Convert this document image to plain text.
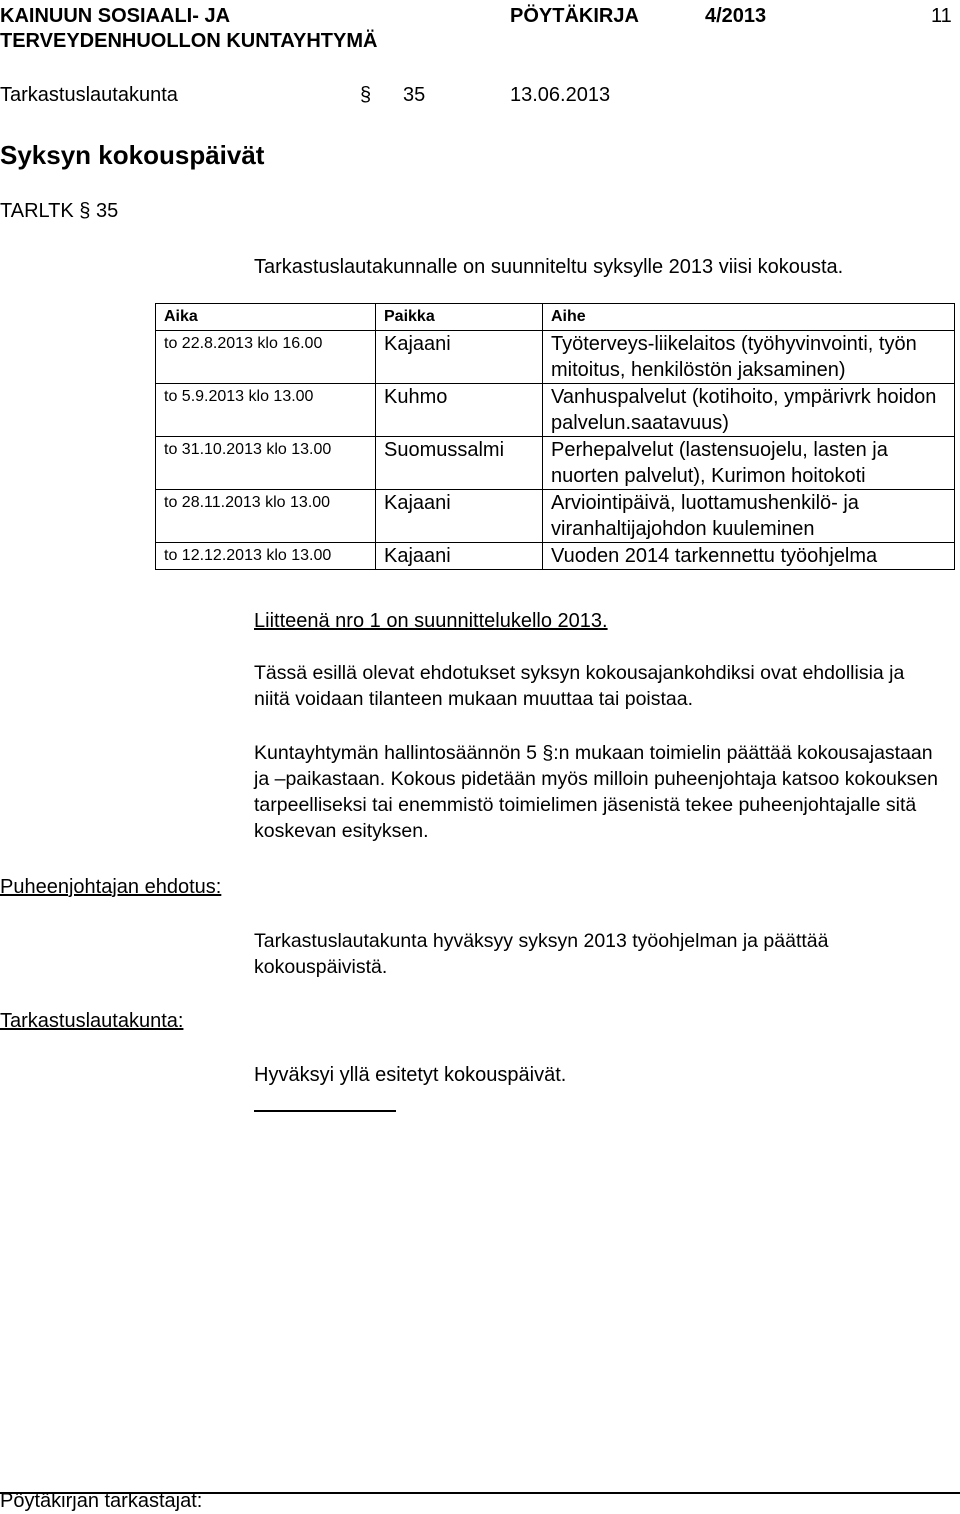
KAINUUN SOSIAALI- JA
TERVEYDENHUOLLON KUNTAYHTYMÄ
PÖYTÄKIRJA	4/2013	11
Tarkastuslautakunta	§ 35	13.06.2013
Syksyn kokouspäivät
TARLTK § 35
Tarkastuslautakunnalle on suunniteltu syksylle 2013 viisi kokousta.
Aika	Paikka	Aihe
to 22.8.2013 klo 16.00	Kajaani	Työterveys-liikelaitos (työhyvinvointi, työn mitoitus, henkilöstön jaksaminen)
to 5.9.2013 klo 13.00	Kuhmo	Vanhuspalvelut (kotihoito, ympärivrk hoidon palvelun.saatavuus)
to 31.10.2013 klo 13.00	Suomussalmi	Perhepalvelut (lastensuojelu, lasten ja nuorten palvelut), Kurimon hoitokoti
to 28.11.2013 klo 13.00	Kajaani	Arviointipäivä, luottamushenkilö- ja viranhaltijajohdon kuuleminen
to 12.12.2013 klo 13.00	Kajaani	Vuoden 2014 tarkennettu työohjelma
Liitteenä nro 1 on suunnittelukello 2013.

Tässä esillä olevat ehdotukset syksyn kokousajankohdiksi ovat ehdollisia ja niitä voidaan tilanteen mukaan muuttaa tai poistaa.

Kuntayhtymän hallintosäännön 5 §:n mukaan toimielin päättää kokousajastaan ja –paikastaan. Kokous pidetään myös milloin puheenjohtaja katsoo kokouksen tarpeelliseksi tai enemmistö toimielimen jäsenistä tekee puheenjohtajalle sitä koskevan esityksen.

Puheenjohtajan ehdotus:

Tarkastuslautakunta hyväksyy syksyn 2013 työohjelman ja päättää kokouspäivistä.

Tarkastuslautakunta:
Hyväksyi yllä esitetyt kokouspäivät.
Pöytäkirjan tarkastajat:
